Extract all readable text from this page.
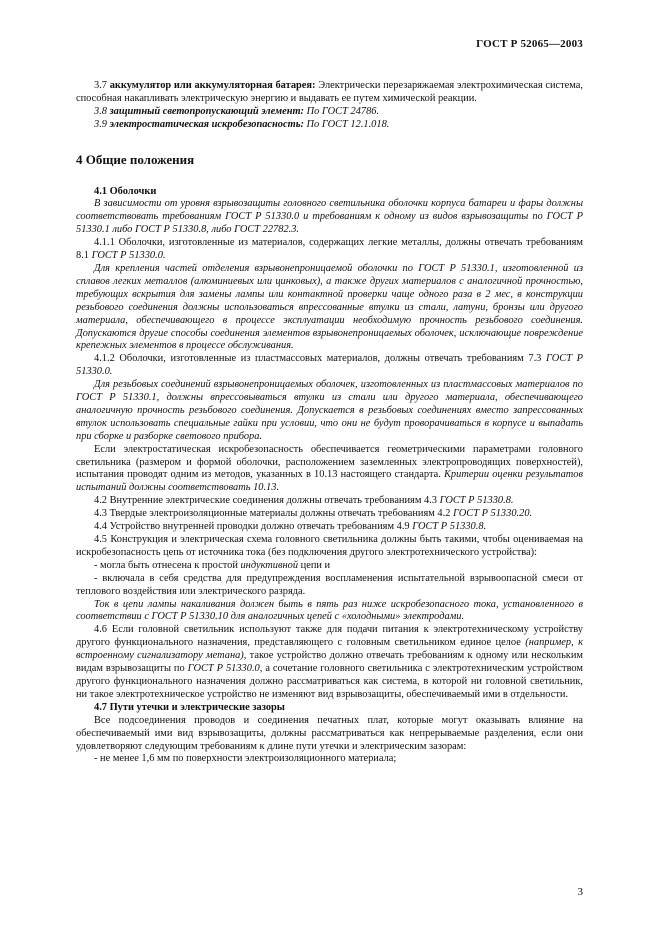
ГОСТ Р 52065—2003

3.7 аккумулятор или аккумуляторная батарея: Электрически перезаряжаемая электрохимическая система, способная накапливать электрическую энергию и выдавать ее путем химической реакции.

3.8 защитный светопропускающий элемент: По ГОСТ 24786.

3.9 электростатическая искробезопасность: По ГОСТ 12.1.018.

4 Общие положения

4.1 Оболочки

В зависимости от уровня взрывозащиты головного светильника оболочки корпуса батареи и фары должны соответствовать требованиям ГОСТ Р 51330.0 и требованиям к одному из видов взрывозащиты по ГОСТ Р 51330.1 либо ГОСТ Р 51330.8, либо ГОСТ 22782.3.

4.1.1 Оболочки, изготовленные из материалов, содержащих легкие металлы, должны отвечать требованиям 8.1 ГОСТ Р 51330.0.

Для крепления частей отделения взрывонепроницаемой оболочки по ГОСТ Р 51330.1, изготовленной из сплавов легких металлов (алюминиевых или цинковых), а также других материалов с аналогичной прочностью, требующих вскрытия для замены лампы или контактной проверки чаще одного раза в 2 мес, в конструкции резьбового соединения должны использоваться впрессованные втулки из стали, латуни, бронзы или другого материала, обеспечивающего в процессе эксплуатации необходимую прочность резьбового соединения. Допускаются другие способы соединения элементов взрывонепроницаемых оболочек, исключающие повреждение крепежных элементов в процессе обслуживания.

4.1.2 Оболочки, изготовленные из пластмассовых материалов, должны отвечать требованиям 7.3 ГОСТ Р 51330.0.

Для резьбовых соединений взрывонепроницаемых оболочек, изготовленных из пластмассовых материалов по ГОСТ Р 51330.1, должны впрессовываться втулки из стали или другого материала, обеспечивающего аналогичную прочность резьбового соединения. Допускается в резьбовых соединениях вместо запрессованных втулок использовать специальные гайки при условии, что они не будут проворачиваться в корпусе и выпадать при сборке и разборке светового прибора.

Если электростатическая искробезопасность обеспечивается геометрическими параметрами головного светильника (размером и формой оболочки, расположением заземленных электропроводящих поверхностей), испытания проводят одним из методов, указанных в 10.13 настоящего стандарта. Критерии оценки результатов испытаний должны соответствовать 10.13.

4.2 Внутренние электрические соединения должны отвечать требованиям 4.3 ГОСТ Р 51330.8.

4.3 Твердые электроизоляционные материалы должны отвечать требованиям 4.2 ГОСТ Р 51330.20.

4.4 Устройство внутренней проводки должно отвечать требованиям 4.9 ГОСТ Р 51330.8.

4.5 Конструкция и электрическая схема головного светильника должны быть такими, чтобы оцениваемая на искробезопасность цепь от источника тока (без подключения другого электротехнического устройства):

- могла быть отнесена к простой индуктивной цепи и

- включала в себя средства для предупреждения воспламенения испытательной взрывоопасной смеси от теплового воздействия или электрического разряда.

Ток в цепи лампы накаливания должен быть в пять раз ниже искробезопасного тока, установленного в соответствии с ГОСТ Р 51330.10 для аналогичных цепей с «холодными» электродами.

4.6 Если головной светильник используют также для подачи питания к электротехническому устройству другого функционального назначения, представляющего с головным светильником единое целое (например, к встроенному сигнализатору метана), такое устройство должно отвечать требованиям к одному или нескольким видам взрывозащиты по ГОСТ Р 51330.0, а сочетание головного светильника с электротехническим устройством другого функционального назначения должно рассматриваться как система, в которой ни головной светильник, ни такое электротехническое устройство не изменяют вид взрывозащиты, обеспечиваемый ими в отдельности.

4.7 Пути утечки и электрические зазоры

Все подсоединения проводов и соединения печатных плат, которые могут оказывать влияние на обеспечиваемый ими вид взрывозащиты, должны рассматриваться как непрерываемые разделения, если они удовлетворяют следующим требованиям к длине пути утечки и электрическим зазорам:

- не менее 1,6 мм по поверхности электроизоляционного материала;

3
